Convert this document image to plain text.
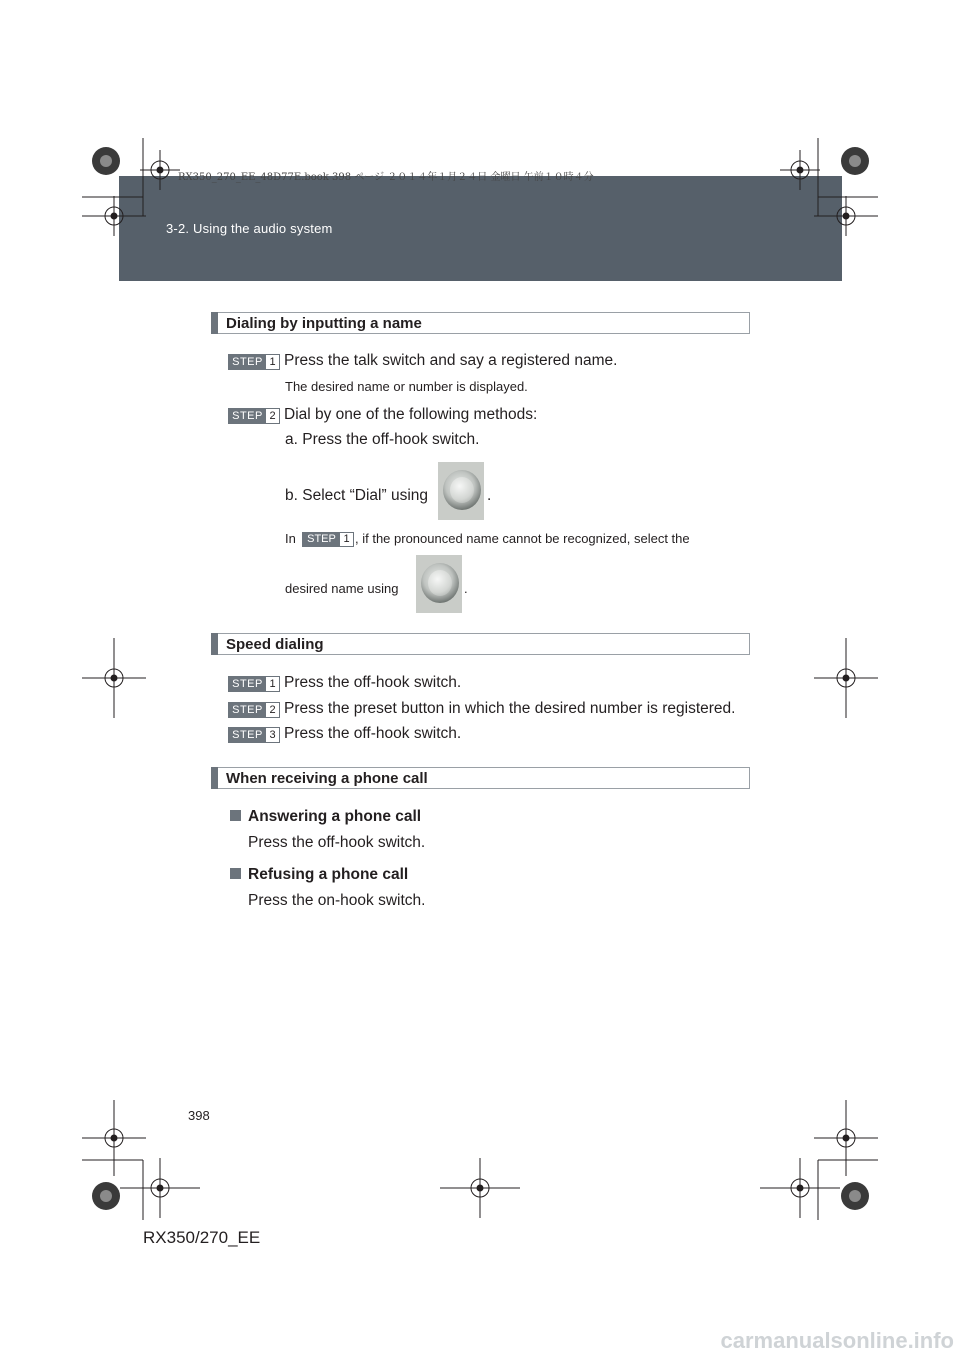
3-2. Using the audio system
RX350_270_EE_48D77E.book 398 ページ ２０１４年１月２４日 金曜日 午前１０時４分
Dialing by inputting a name
STEP 1 Press the talk switch and say a registered name.
The desired name or number is displayed.
STEP 2 Dial by one of the following methods:
a. Press the off-hook switch.
b. Select “Dial” using	.
In	STEP 1 , if the pronounced name cannot be recognized, select the
desired name using	.
Speed dialing
STEP 1 Press the off-hook switch.
STEP 2 Press the preset button in which the desired number is registered.
STEP 3 Press the off-hook switch.
When receiving a phone call
Answering a phone call
Press the off-hook switch.
Refusing a phone call
Press the on-hook switch.
398
RX350/270_EE
carmanualsonline.info
